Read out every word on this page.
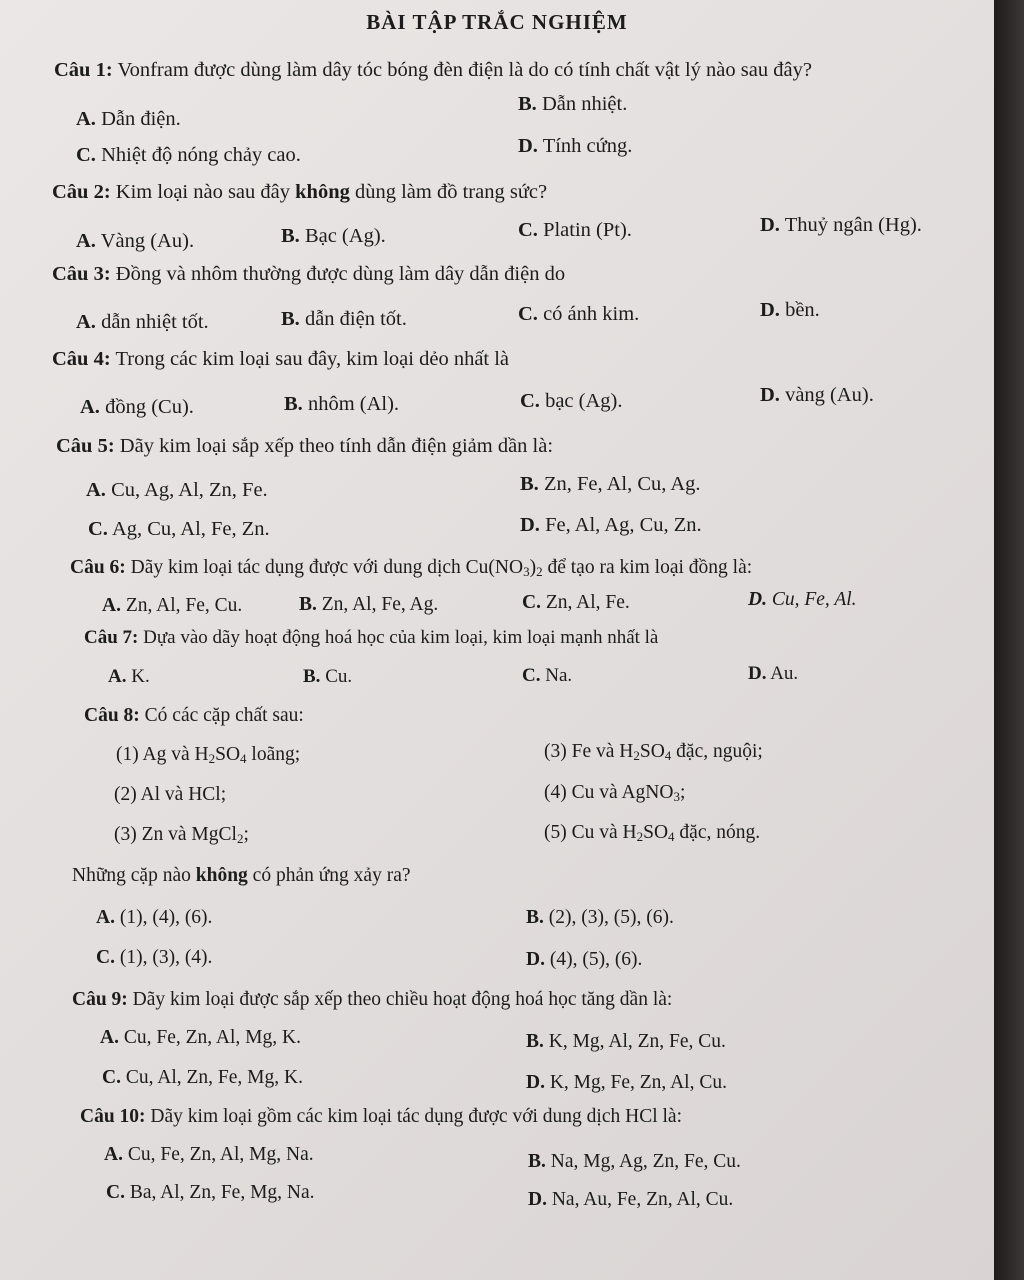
BÀI TẬP TRẮC NGHIỆM
Câu 1: Vonfram được dùng làm dây tóc bóng đèn điện là do có tính chất vật lý nào sau đây?
A. Dẫn điện.
B. Dẫn nhiệt.
C. Nhiệt độ nóng chảy cao.	D. Tính cứng.
Câu 2: Kim loại nào sau đây không dùng làm đồ trang sức?
A. Vàng (Au).	B. Bạc (Ag).	C. Platin (Pt).	D. Thuỷ ngân (Hg).
Câu 3: Đồng và nhôm thường được dùng làm dây dẫn điện do
A. dẫn nhiệt tốt.	B. dẫn điện tốt.	C. có ánh kim.	D. bền.
Câu 4: Trong các kim loại sau đây, kim loại dẻo nhất là
A. đồng (Cu).	B. nhôm (Al).	C. bạc (Ag).	D. vàng (Au).
Câu 5: Dãy kim loại sắp xếp theo tính dẫn điện giảm dần là:
A. Cu, Ag, Al, Zn, Fe.	B. Zn, Fe, Al, Cu, Ag.
C. Ag, Cu, Al, Fe, Zn.	D. Fe, Al, Ag, Cu, Zn.
Câu 6: Dãy kim loại tác dụng được với dung dịch $Cu(NO_3)_2$ để tạo ra kim loại đồng là:
A. Zn, Al, Fe, Cu.	B. Zn, Al, Fe, Ag.	C. Zn, Al, Fe.	D. Cu, Fe, Al.
Câu 7: Dựa vào dãy hoạt động hoá học của kim loại, kim loại mạnh nhất là
A. K.	B. Cu.	C. Na.	D. Au.
Câu 8: Có các cặp chất sau:
(1) Ag và $H_2SO_4$ loãng;	(3) Fe và $H_2SO_4$ đặc, nguội;
(2) Al và HCl;	(4) Cu và AgNO$_3$;
(3) Zn và MgCl$_2$;	(5) Cu và $H_2SO_4$ đặc, nóng.
Những cặp nào không có phản ứng xảy ra?
A. (1), (4), (6).	B. (2), (3), (5), (6).
C. (1), (3), (4).	D. (4), (5), (6).
Câu 9: Dãy kim loại được sắp xếp theo chiều hoạt động hoá học tăng dần là:
A. Cu, Fe, Zn, Al, Mg, K.	B. K, Mg, Al, Zn, Fe, Cu.
C. Cu, Al, Zn, Fe, Mg, K.	D. K, Mg, Fe, Zn, Al, Cu.
Câu 10: Dãy kim loại gồm các kim loại tác dụng được với dung dịch HCl là:
A. Cu, Fe, Zn, Al, Mg, Na.	B. Na, Mg, Ag, Zn, Fe, Cu.
C. Ba, Al, Zn, Fe, Mg, Na.	D. Na, Au, Fe, Zn, Al, Cu.
